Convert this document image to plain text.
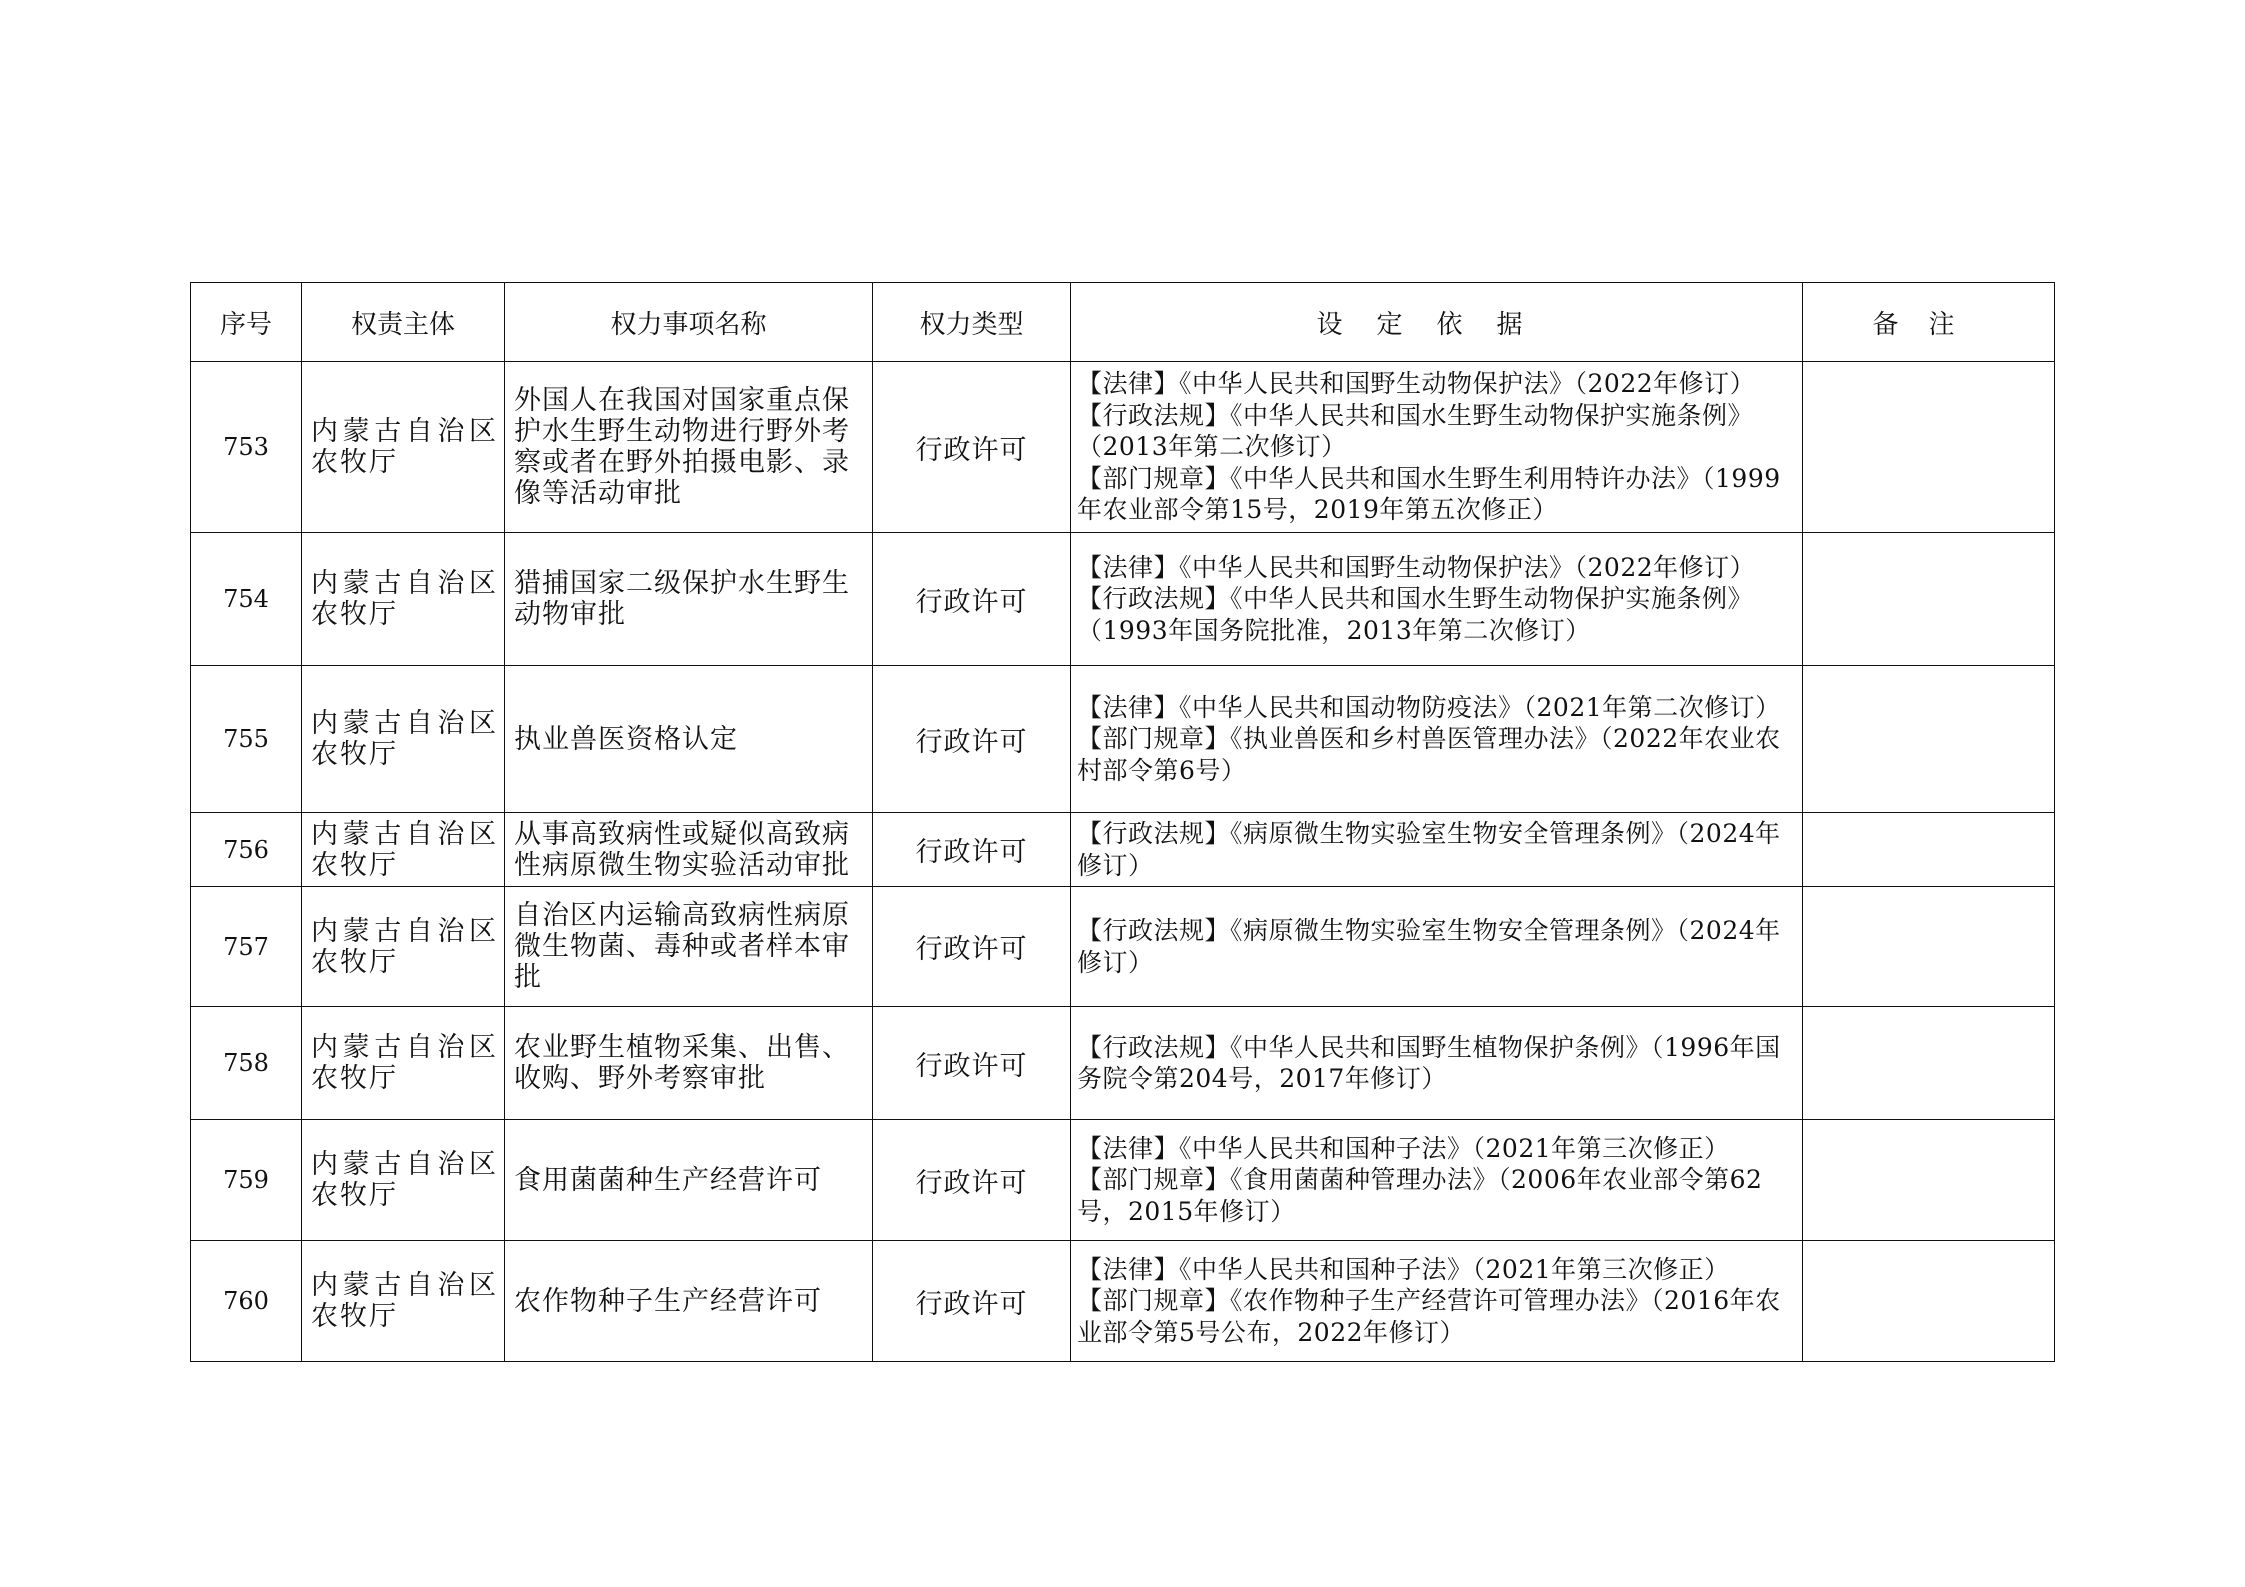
序号	权责主体	权力事项名称	权力类型	设定依据	备注
753	内蒙古自治区农牧厅	外国人在我国对国家重点保护水生野生动物进行野外考察或者在野外拍摄电影、录像等活动审批	行政许可	【法律】《中华人民共和国野生动物保护法》（2022年修订）
【行政法规】《中华人民共和国水生野生动物保护实施条例》（2013年第二次修订）
【部门规章】《中华人民共和国水生野生利用特许办法》（1999年农业部令第15号，2019年第五次修正）	

754	内蒙古自治区农牧厅	猎捕国家二级保护水生野生动物审批	行政许可	【法律】《中华人民共和国野生动物保护法》（2022年修订）
【行政法规】《中华人民共和国水生野生动物保护实施条例》（1993年国务院批准，2013年第二次修订）	

755	内蒙古自治区农牧厅	执业兽医资格认定	行政许可	【法律】《中华人民共和国动物防疫法》（2021年第二次修订）
【部门规章】《执业兽医和乡村兽医管理办法》（2022年农业农村部令第6号）	

756	内蒙古自治区农牧厅	从事高致病性或疑似高致病性病原微生物实验活动审批	行政许可	【行政法规】《病原微生物实验室生物安全管理条例》（2024年修订）	

757	内蒙古自治区农牧厅	自治区内运输高致病性病原微生物菌、毒种或者样本审批	行政许可	【行政法规】《病原微生物实验室生物安全管理条例》（2024年修订）	

758	内蒙古自治区农牧厅	农业野生植物采集、出售、收购、野外考察审批	行政许可	【行政法规】《中华人民共和国野生植物保护条例》（1996年国务院令第204号，2017年修订）	

759	内蒙古自治区农牧厅	食用菌菌种生产经营许可	行政许可	【法律】《中华人民共和国种子法》（2021年第三次修正）
【部门规章】《食用菌菌种管理办法》（2006年农业部令第62号，2015年修订）	

760	内蒙古自治区农牧厅	农作物种子生产经营许可	行政许可	【法律】《中华人民共和国种子法》（2021年第三次修正）
【部门规章】《农作物种子生产经营许可管理办法》（2016年农业部令第5号公布，2022年修订）	
